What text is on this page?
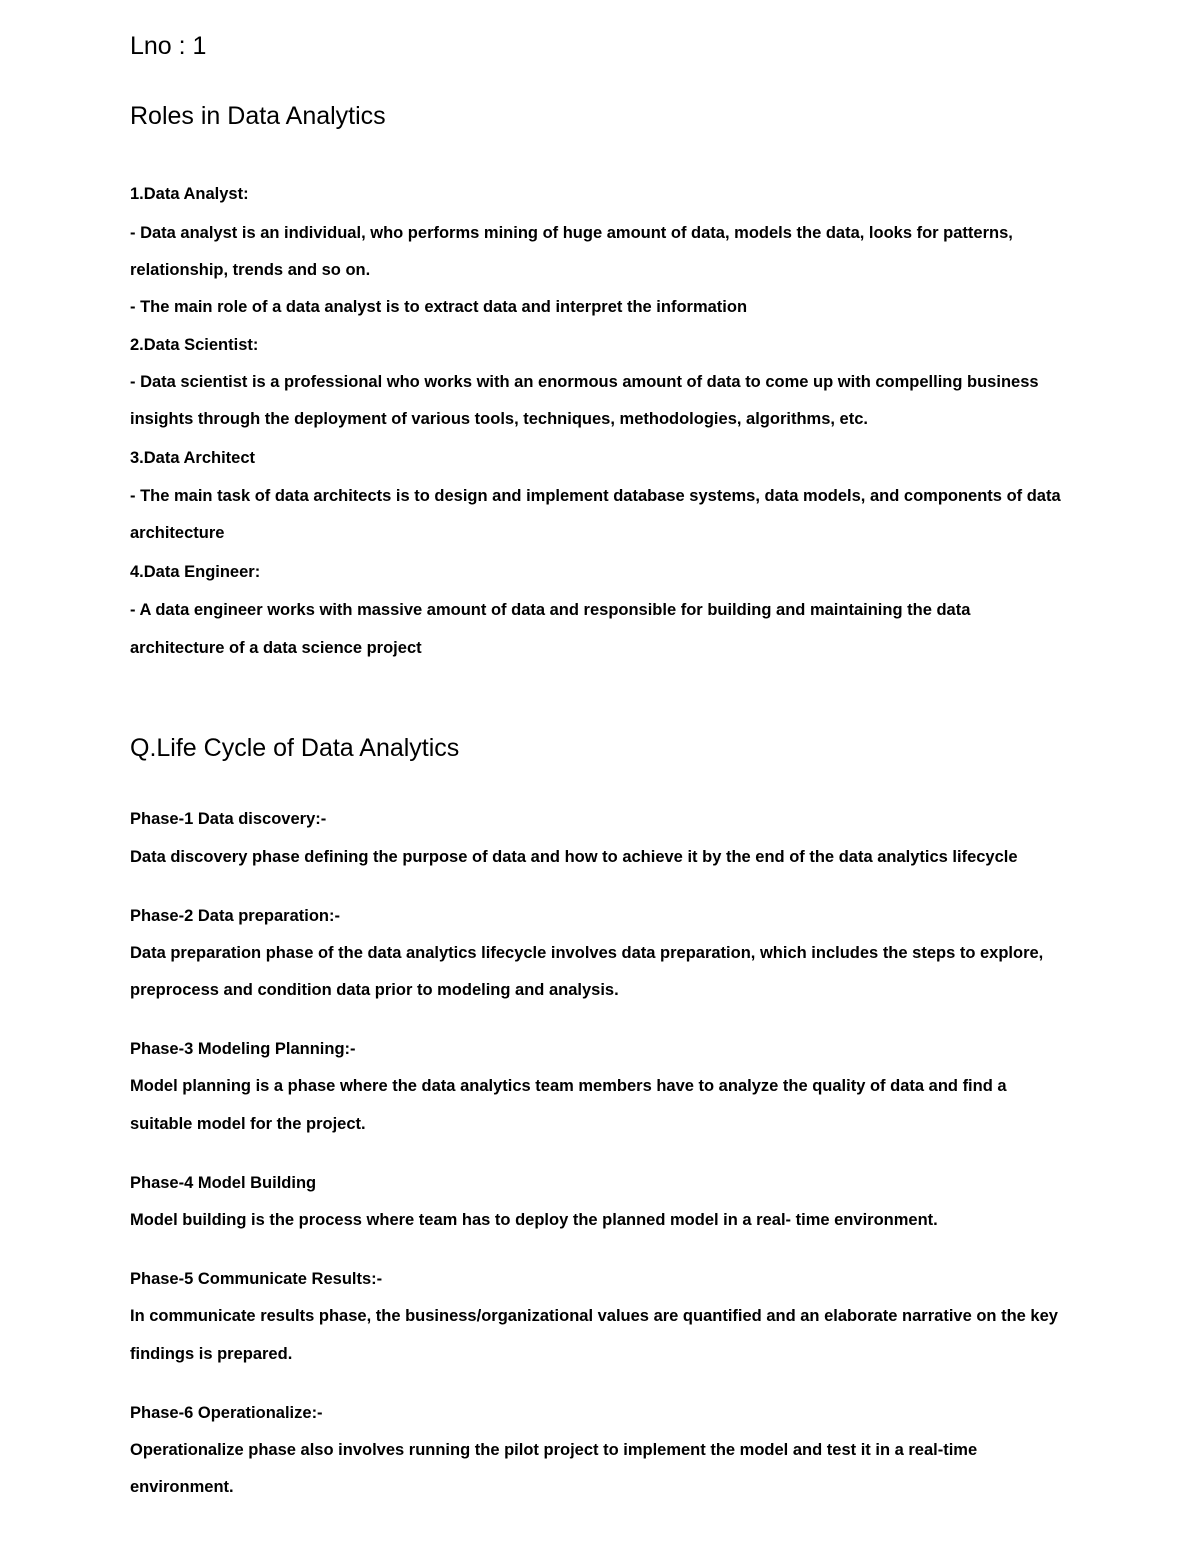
Lno : 1
Roles in Data Analytics
1.Data Analyst:
- Data analyst is an individual, who performs mining of huge amount of data, models the data, looks for patterns,
relationship, trends and so on.
- The main role of a data analyst is to extract data and interpret the information
2.Data Scientist:
- Data scientist is a professional who works with an enormous amount of data to come up with compelling business
insights through the deployment of various tools, techniques, methodologies, algorithms, etc.
3.Data Architect
- The main task of data architects is to design and implement database systems, data models, and components of data
architecture
4.Data Engineer:
- A data engineer works with massive amount of data and responsible for building and maintaining the data
architecture of a data science project
Q.Life Cycle of Data Analytics
Phase-1 Data discovery:-
Data discovery phase defining the purpose of data and how to achieve it by the end of the data analytics lifecycle
Phase-2 Data preparation:-
Data preparation phase of the data analytics lifecycle involves data preparation, which includes the steps to explore,
preprocess and condition data prior to modeling and analysis.
Phase-3 Modeling Planning:-
Model planning is a phase where the data analytics team members have to analyze the quality of data and find a
suitable model for the project.
Phase-4 Model Building
Model building is the process where team has to deploy the planned model in a real- time environment.
Phase-5 Communicate Results:-
In communicate results phase, the business/organizational values are quantified and an elaborate narrative on the key
findings is prepared.
Phase-6 Operationalize:-
Operationalize phase also involves running the pilot project to implement the model and test it in a real-time
environment.
